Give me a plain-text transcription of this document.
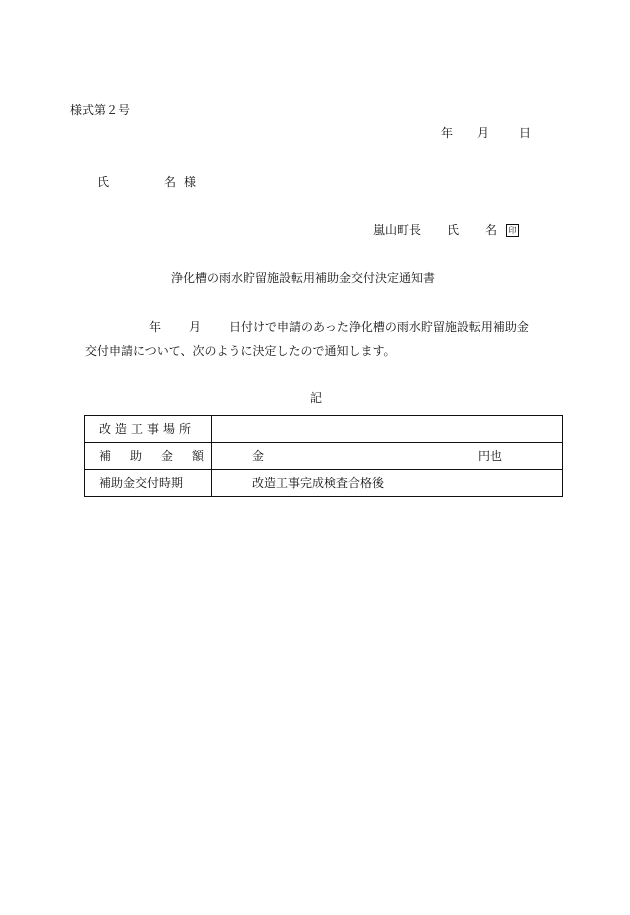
様式第２号
年 月	日
氏	名 様
嵐山町長 氏 名 印
浄化槽の雨水貯留施設転用補助金交付決定通知書
年 月 日付けで申請のあった浄化槽の雨水貯留施設転用補助金
交付申請について、次のように決定したので通知します。
記
改造工事場所	
補 助 金 額	金 円也

補助金交付時期	改造工事完成検査合格後
